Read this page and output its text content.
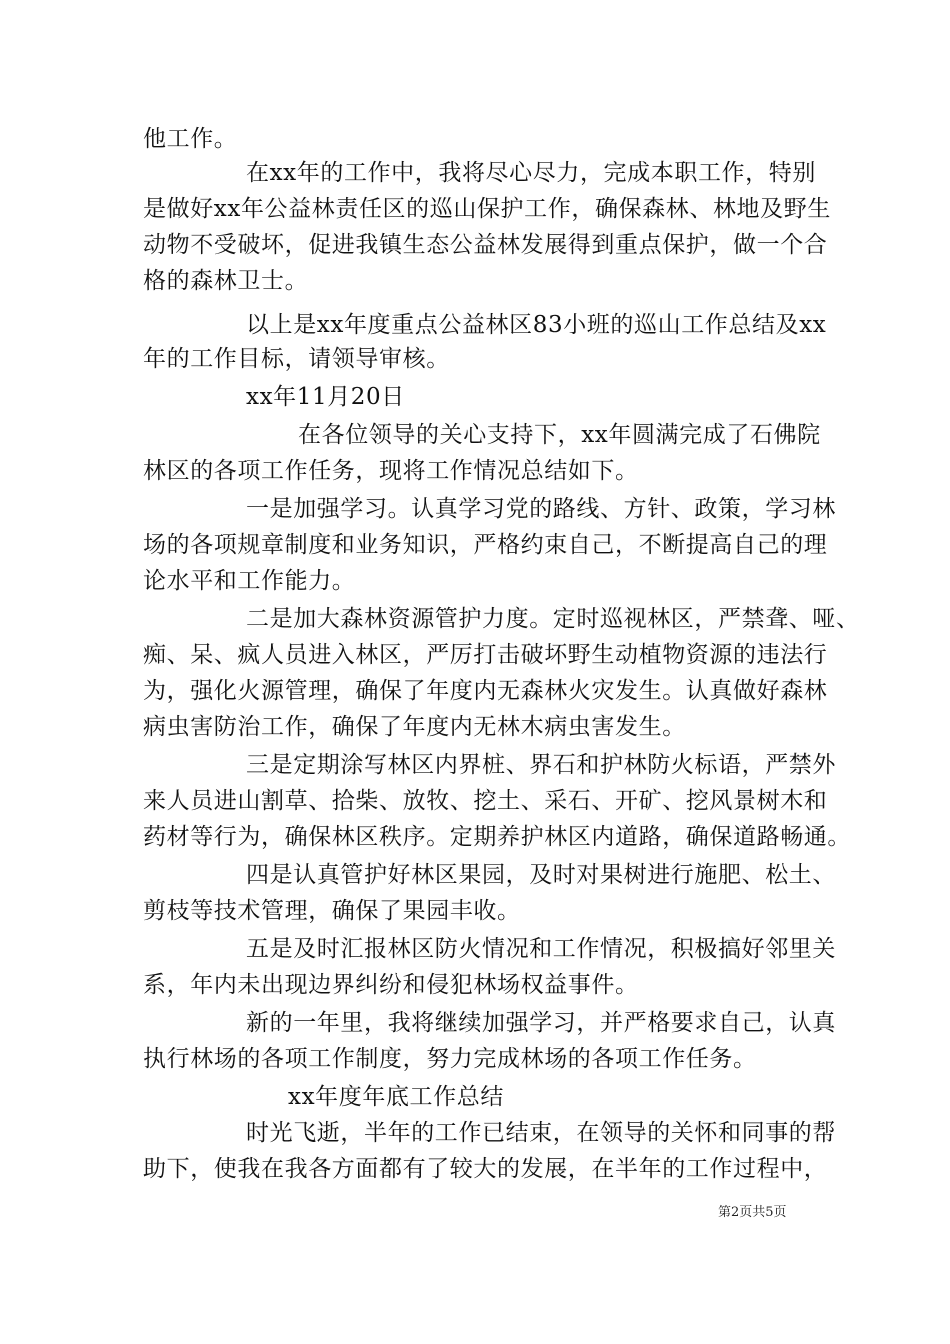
他工作。
在xx年的工作中，我将尽心尽力，完成本职工作，特别
是做好xx年公益林责任区的巡山保护工作，确保森林、林地及野生
动物不受破坏，促进我镇生态公益林发展得到重点保护，做一个合
格的森林卫士。
以上是xx年度重点公益林区83小班的巡山工作总结及xx
年的工作目标，请领导审核。
xx年11月20日
在各位领导的关心支持下，xx年圆满完成了石佛院
林区的各项工作任务，现将工作情况总结如下。
一是加强学习。认真学习党的路线、方针、政策，学习林
场的各项规章制度和业务知识，严格约束自己，不断提高自己的理
论水平和工作能力。
二是加大森林资源管护力度。定时巡视林区，严禁聋、哑、
痴、呆、疯人员进入林区，严厉打击破坏野生动植物资源的违法行
为，强化火源管理，确保了年度内无森林火灾发生。认真做好森林
病虫害防治工作，确保了年度内无林木病虫害发生。
三是定期涂写林区内界桩、界石和护林防火标语，严禁外
来人员进山割草、拾柴、放牧、挖土、采石、开矿、挖风景树木和
药材等行为，确保林区秩序。定期养护林区内道路，确保道路畅通。
四是认真管护好林区果园，及时对果树进行施肥、松土、
剪枝等技术管理，确保了果园丰收。
五是及时汇报林区防火情况和工作情况，积极搞好邻里关
系，年内未出现边界纠纷和侵犯林场权益事件。
新的一年里，我将继续加强学习，并严格要求自己，认真
执行林场的各项工作制度，努力完成林场的各项工作任务。
xx年度年底工作总结
时光飞逝，半年的工作已结束，在领导的关怀和同事的帮
助下，使我在我各方面都有了较大的发展，在半年的工作过程中，
第2页共5页
